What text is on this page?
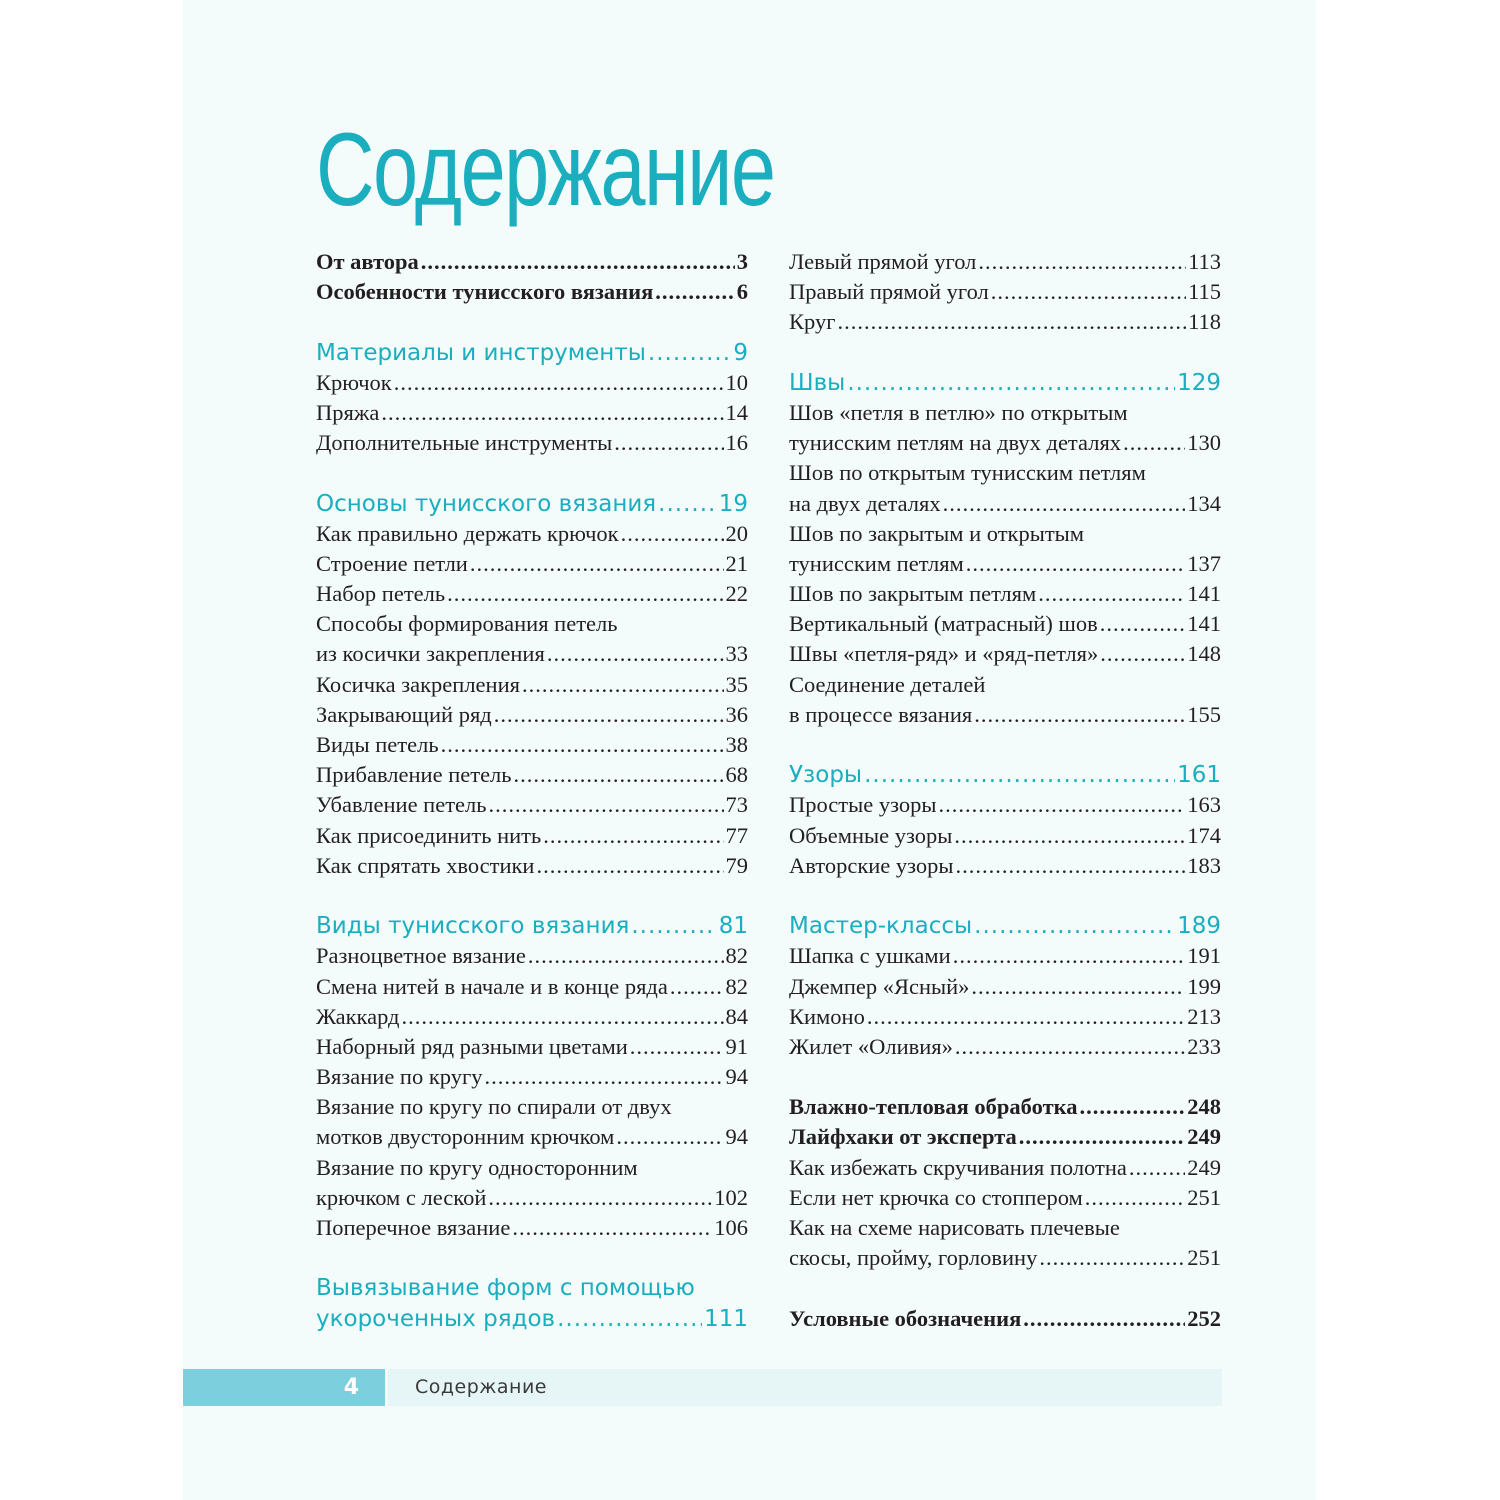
Содержание
От автора .....	3
Особенности тунисского вязания .....	6
Материалы и инструменты .....	9
Крючок .....	10
Пряжа .....	14
Дополнительные инструменты .....	16
Основы тунисского вязания .....	19
Как правильно держать крючок .....	20
Строение петли .....	21
Набор петель .....	22
Способы формирования петель
из косички закрепления .....	33
Косичка закрепления .....	35
Закрывающий ряд .....	36
Виды петель .....	38
Прибавление петель .....	68
Убавление петель .....	73
Как присоединить нить .....	77
Как спрятать хвостики .....	79
Виды тунисского вязания .....	81
Разноцветное вязание .....	82
Смена нитей в начале и в конце ряда .....	82
Жаккард .....	84
Наборный ряд разными цветами .....	91
Вязание по кругу .....	94
Вязание по кругу по спирали от двух
мотков двусторонним крючком .....	94
Вязание по кругу односторонним
крючком с леской .....	102
Поперечное вязание .....	106
Вывязывание форм с помощью
укороченных рядов .....	111
Левый прямой угол .....	113
Правый прямой угол .....	115
Круг .....	118
Швы .....	129
Шов «петля в петлю» по открытым
тунисским петлям на двух деталях .....	130
Шов по открытым тунисским петлям
на двух деталях .....	134
Шов по закрытым и открытым
тунисским петлям .....	137
Шов по закрытым петлям .....	141
Вертикальный (матрасный) шов .....	141
Швы «петля-ряд» и «ряд-петля» .....	148
Соединение деталей
в процессе вязания .....	155
Узоры .....	161
Простые узоры .....	163
Объемные узоры .....	174
Авторские узоры .....	183
Мастер-классы .....	189
Шапка с ушками .....	191
Джемпер «Ясный» .....	199
Кимоно .....	213
Жилет «Оливия» .....	233
Влажно-тепловая обработка .....	248
Лайфхаки от эксперта .....	249
Как избежать скручивания полотна .....	249
Если нет крючка со стоппером .....	251
Как на схеме нарисовать плечевые
скосы, пройму, горловину .....	251
Условные обозначения .....	252
4	Содержание
